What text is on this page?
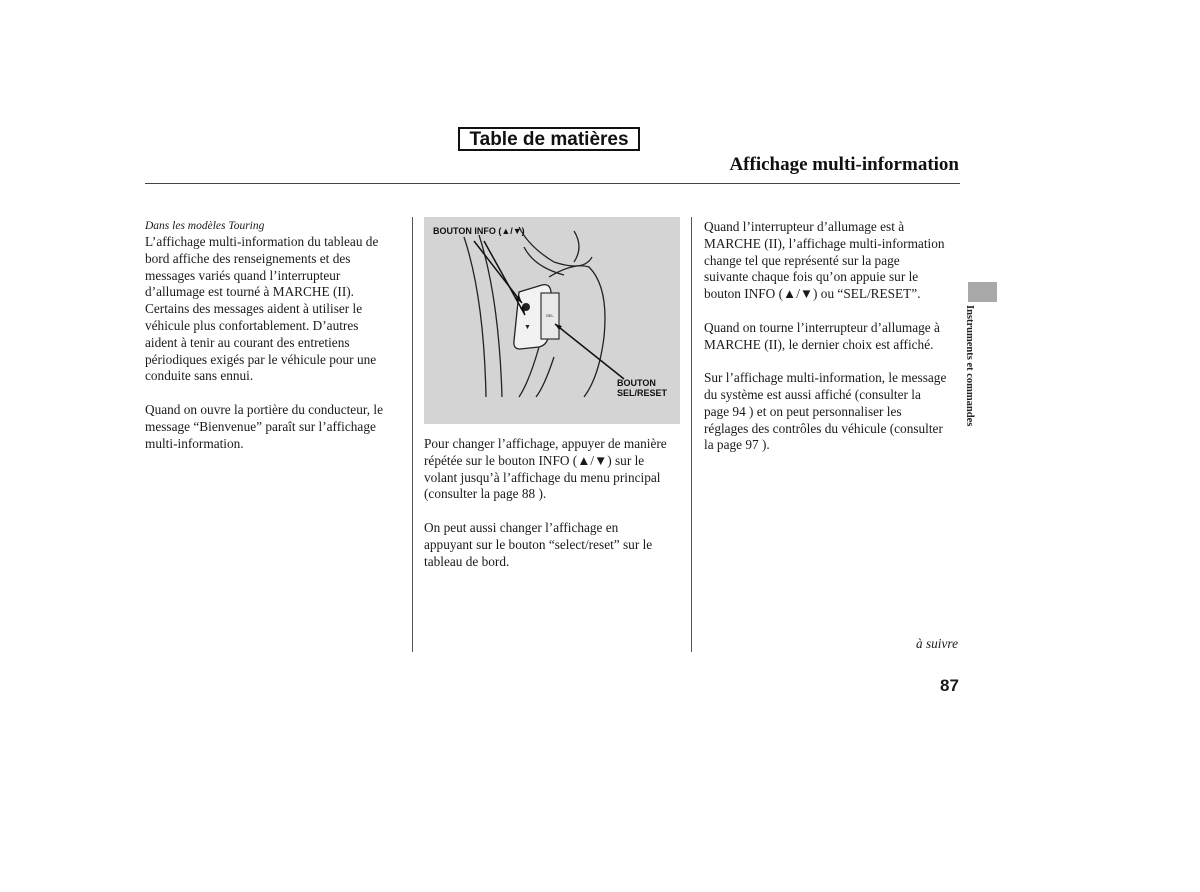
Table de matières
Affichage multi-information

Dans les modèles Touring

L’affichage multi-information du tableau de
bord affiche des renseignements et des
messages variés quand l’interrupteur
d’allumage est tourné à MARCHE (II).
Certains des messages aident à utiliser le
véhicule plus confortablement. D’autres
aident à tenir au courant des entretiens
périodiques exigés par le véhicule pour une
conduite sans ennui.

Quand on ouvre la portière du conducteur, le
message “Bienvenue” paraît sur l’affichage
multi-information.

▼
SEL
BOUTON INFO (▲/▼)
BOUTON
SEL/RESET

Pour changer l’affichage, appuyer de manière
répétée sur le bouton INFO (▲/▼) sur le
volant jusqu’à l’affichage du menu principal
(consulter la page 88 ).

On peut aussi changer l’affichage en
appuyant sur le bouton “select/reset” sur le
tableau de bord.

Quand l’interrupteur d’allumage est à
MARCHE (II), l’affichage multi-information
change tel que représenté sur la page
suivante chaque fois qu’on appuie sur le
bouton INFO (▲/▼) ou “SEL/RESET”.

Quand on tourne l’interrupteur d’allumage à
MARCHE (II), le dernier choix est affiché.

Sur l’affichage multi-information, le message
du système est aussi affiché (consulter la
page 94 ) et on peut personnaliser les
réglages des contrôles du véhicule (consulter
la page 97 ).

Instruments et commandes
à suivre
87
